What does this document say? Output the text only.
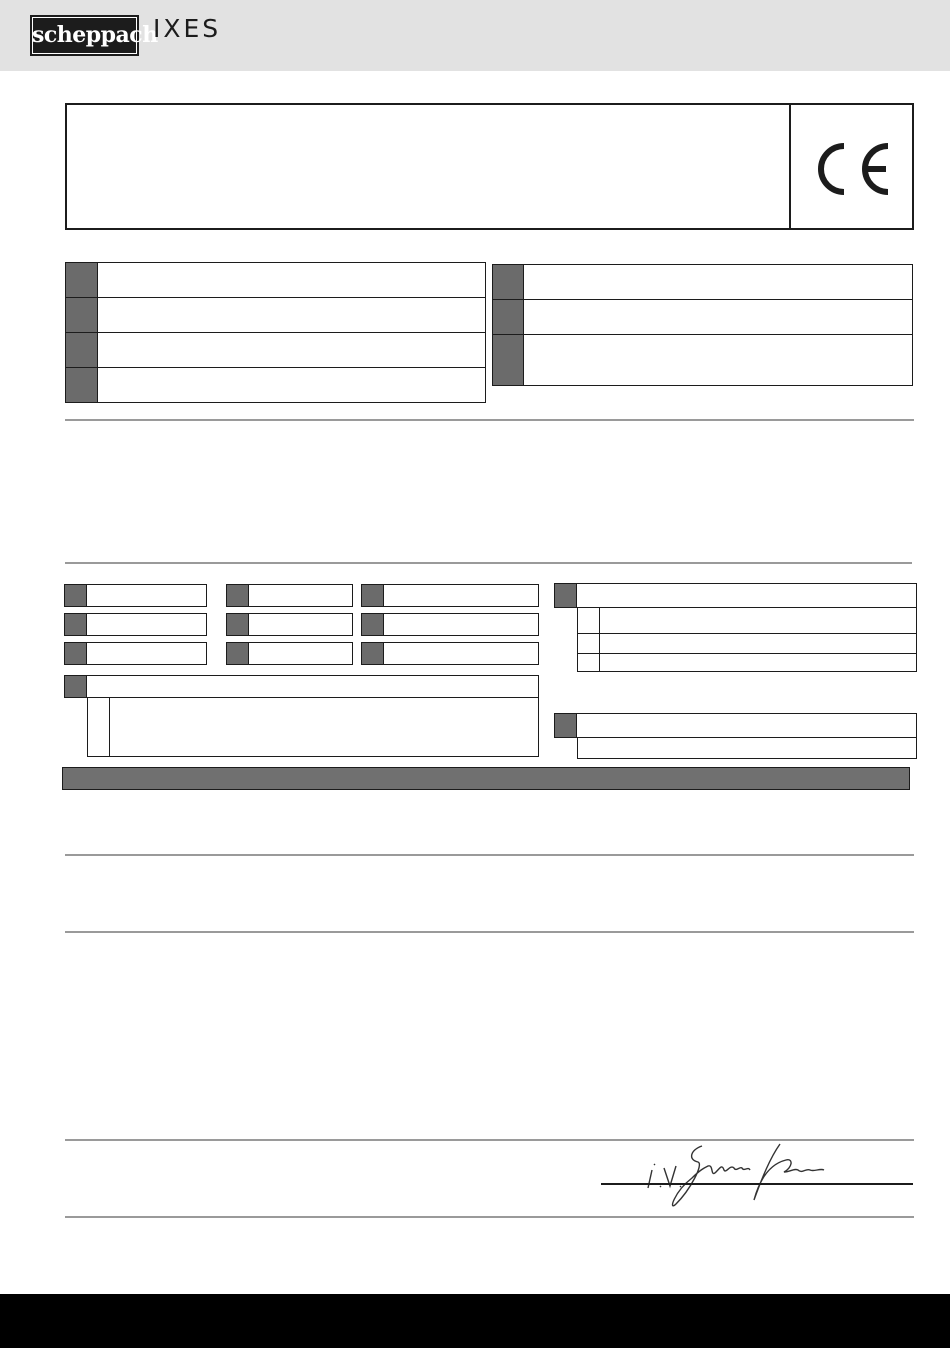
scheppach
IXES
